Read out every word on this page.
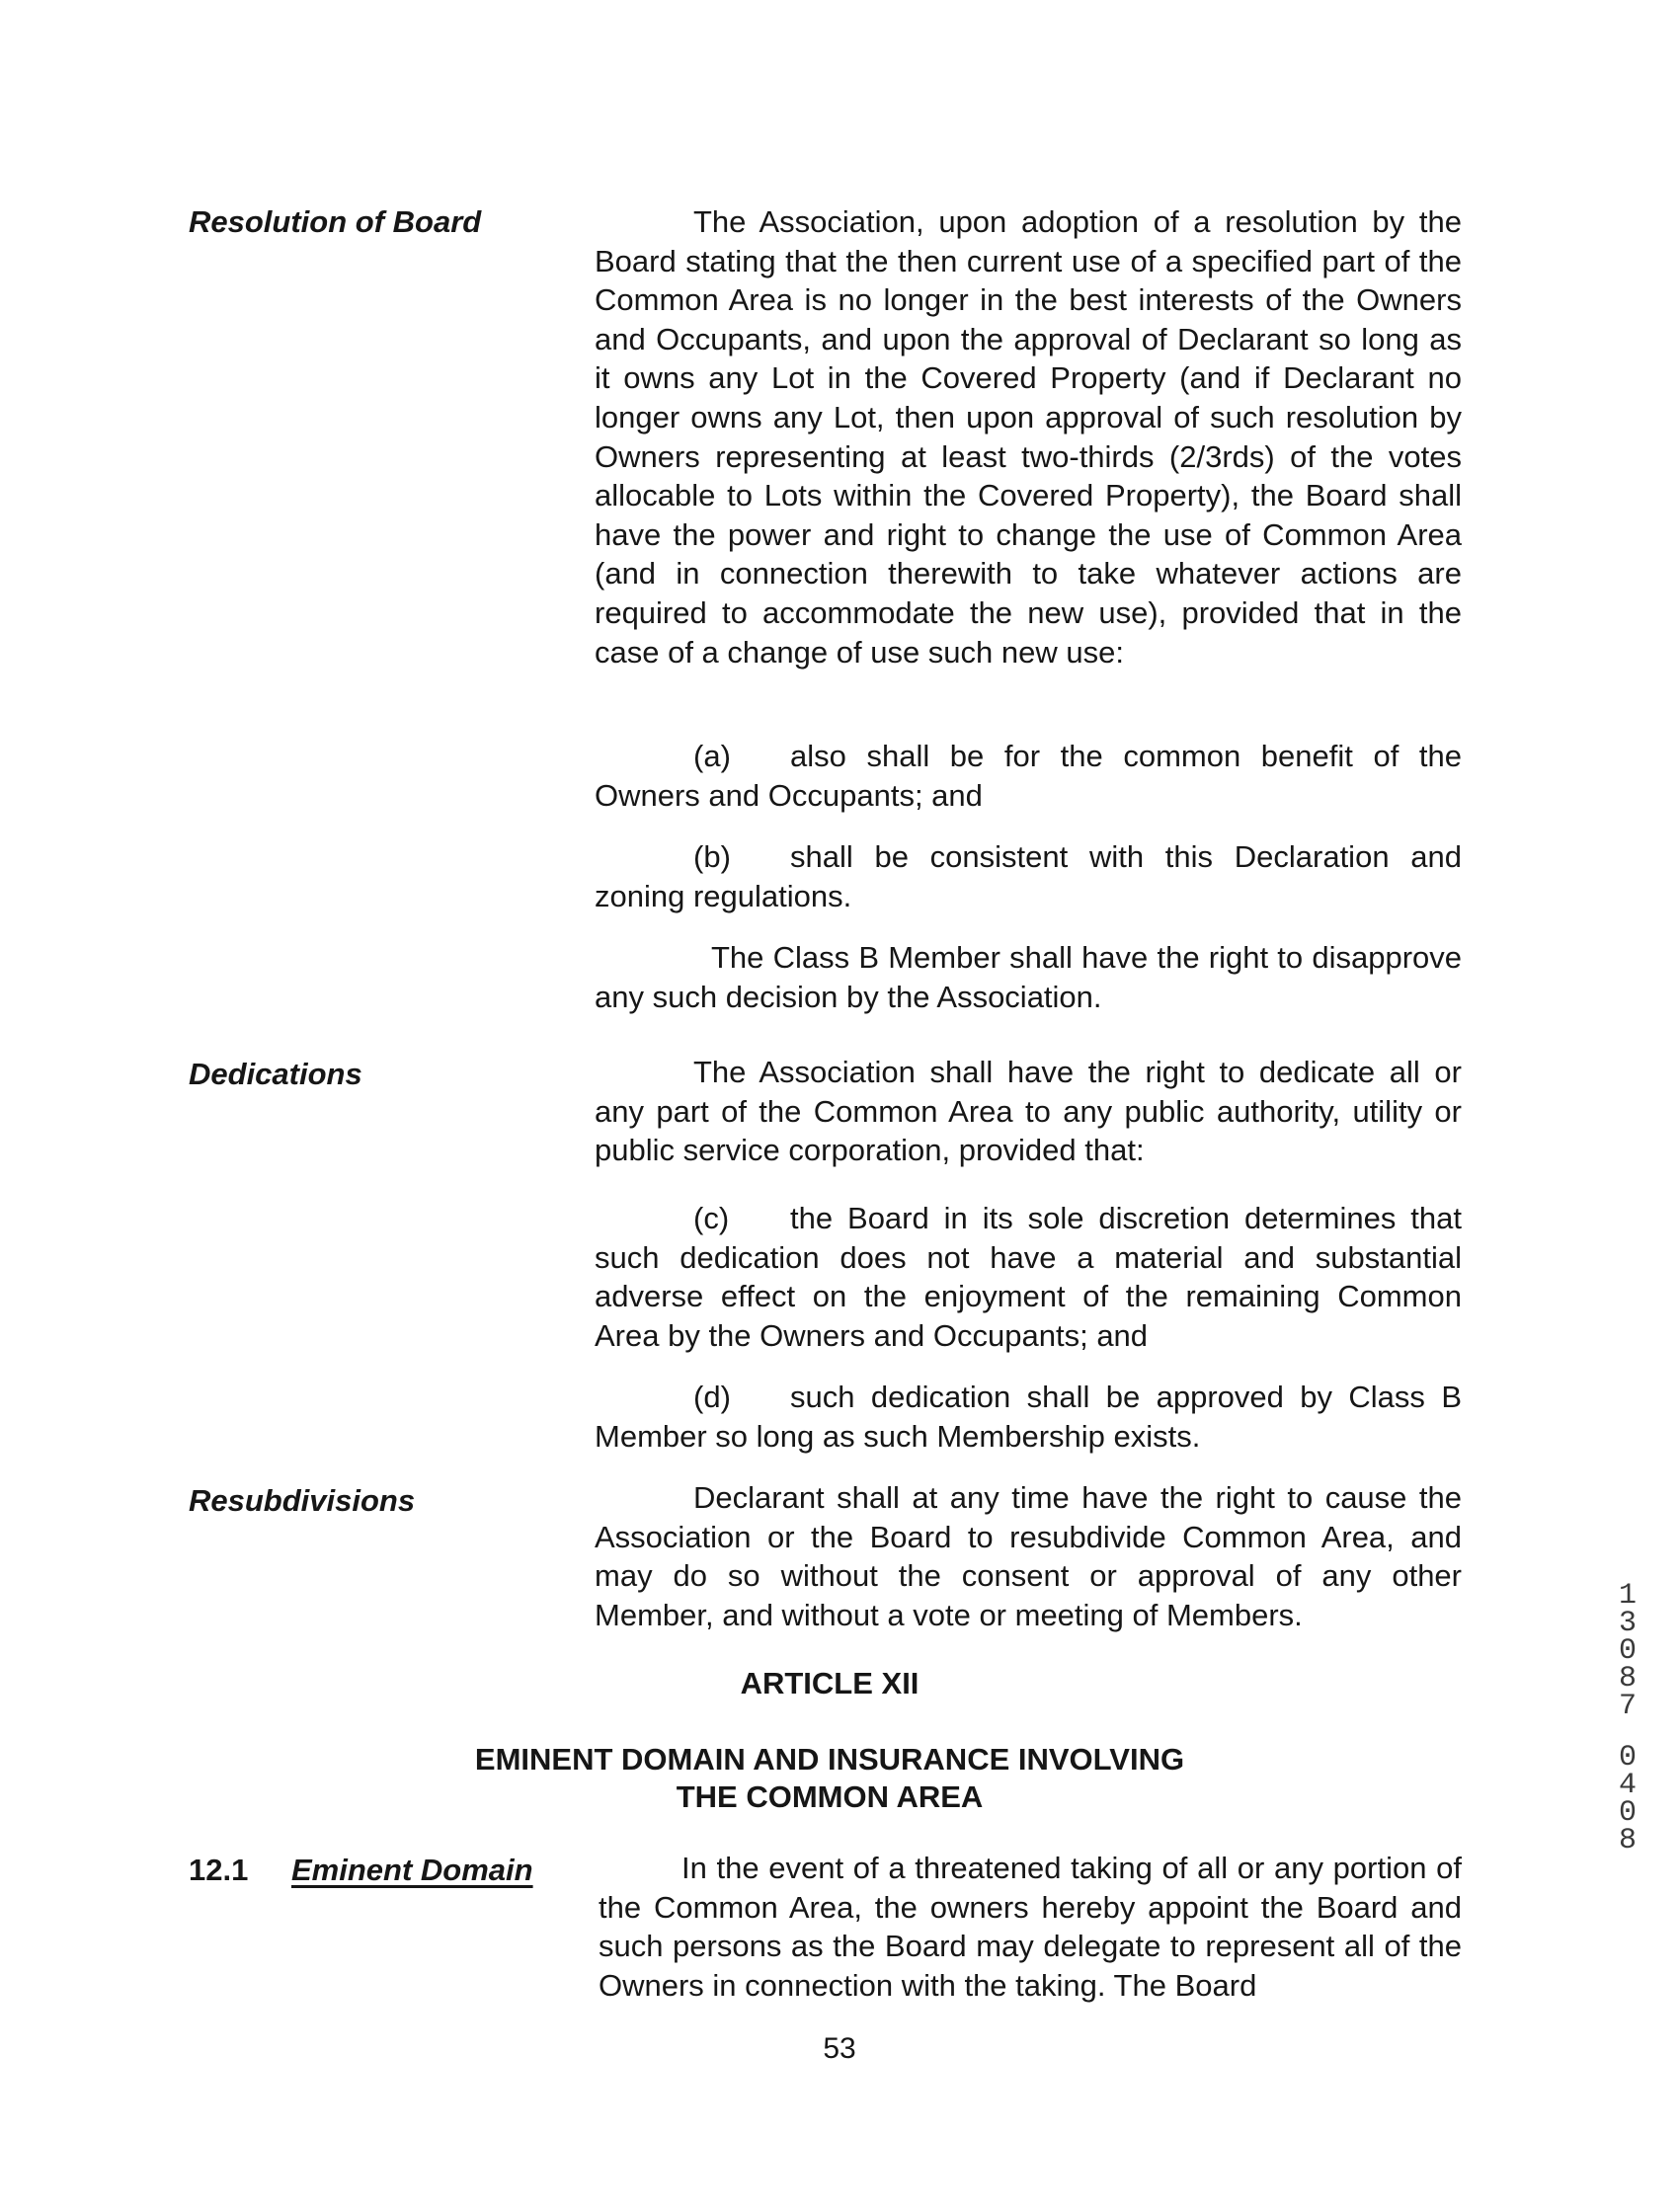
Resolution of Board	The Association, upon adoption of a resolution by the Board stating that the then current use of a specified part of the Common Area is no longer in the best interests of the Owners and Occupants, and upon the approval of Declarant so long as it owns any Lot in the Covered Property (and if Declarant no longer owns any Lot, then upon approval of such resolution by Owners representing at least two-thirds (2/3rds) of the votes allocable to Lots within the Covered Property), the Board shall have the power and right to change the use of Common Area (and in connection therewith to take whatever actions are required to accommodate the new use), provided that in the case of a change of use such new use:

(a) also shall be for the common benefit of the Owners and Occupants; and

(b) shall be consistent with this Declaration and zoning regulations.

The Class B Member shall have the right to disapprove any such decision by the Association.

Dedications	The Association shall have the right to dedicate all or any part of the Common Area to any public authority, utility or public service corporation, provided that:

(c) the Board in its sole discretion determines that such dedication does not have a material and substantial adverse effect on the enjoyment of the remaining Common Area by the Owners and Occupants; and

(d) such dedication shall be approved by Class B Member so long as such Membership exists.

Resubdivisions	Declarant shall at any time have the right to cause the Association or the Board to resubdivide Common Area, and may do so without the consent or approval of any other Member, and without a vote or meeting of Members.

ARTICLE XII
EMINENT DOMAIN AND INSURANCE INVOLVING
THE COMMON AREA
12.1 Eminent Domain	In the event of a threatened taking of all or any portion of the Common Area, the owners hereby appoint the Board and such persons as the Board may delegate to represent all of the Owners in connection with the taking. The Board

53
1
3
0
8
7
0
4
0
8
